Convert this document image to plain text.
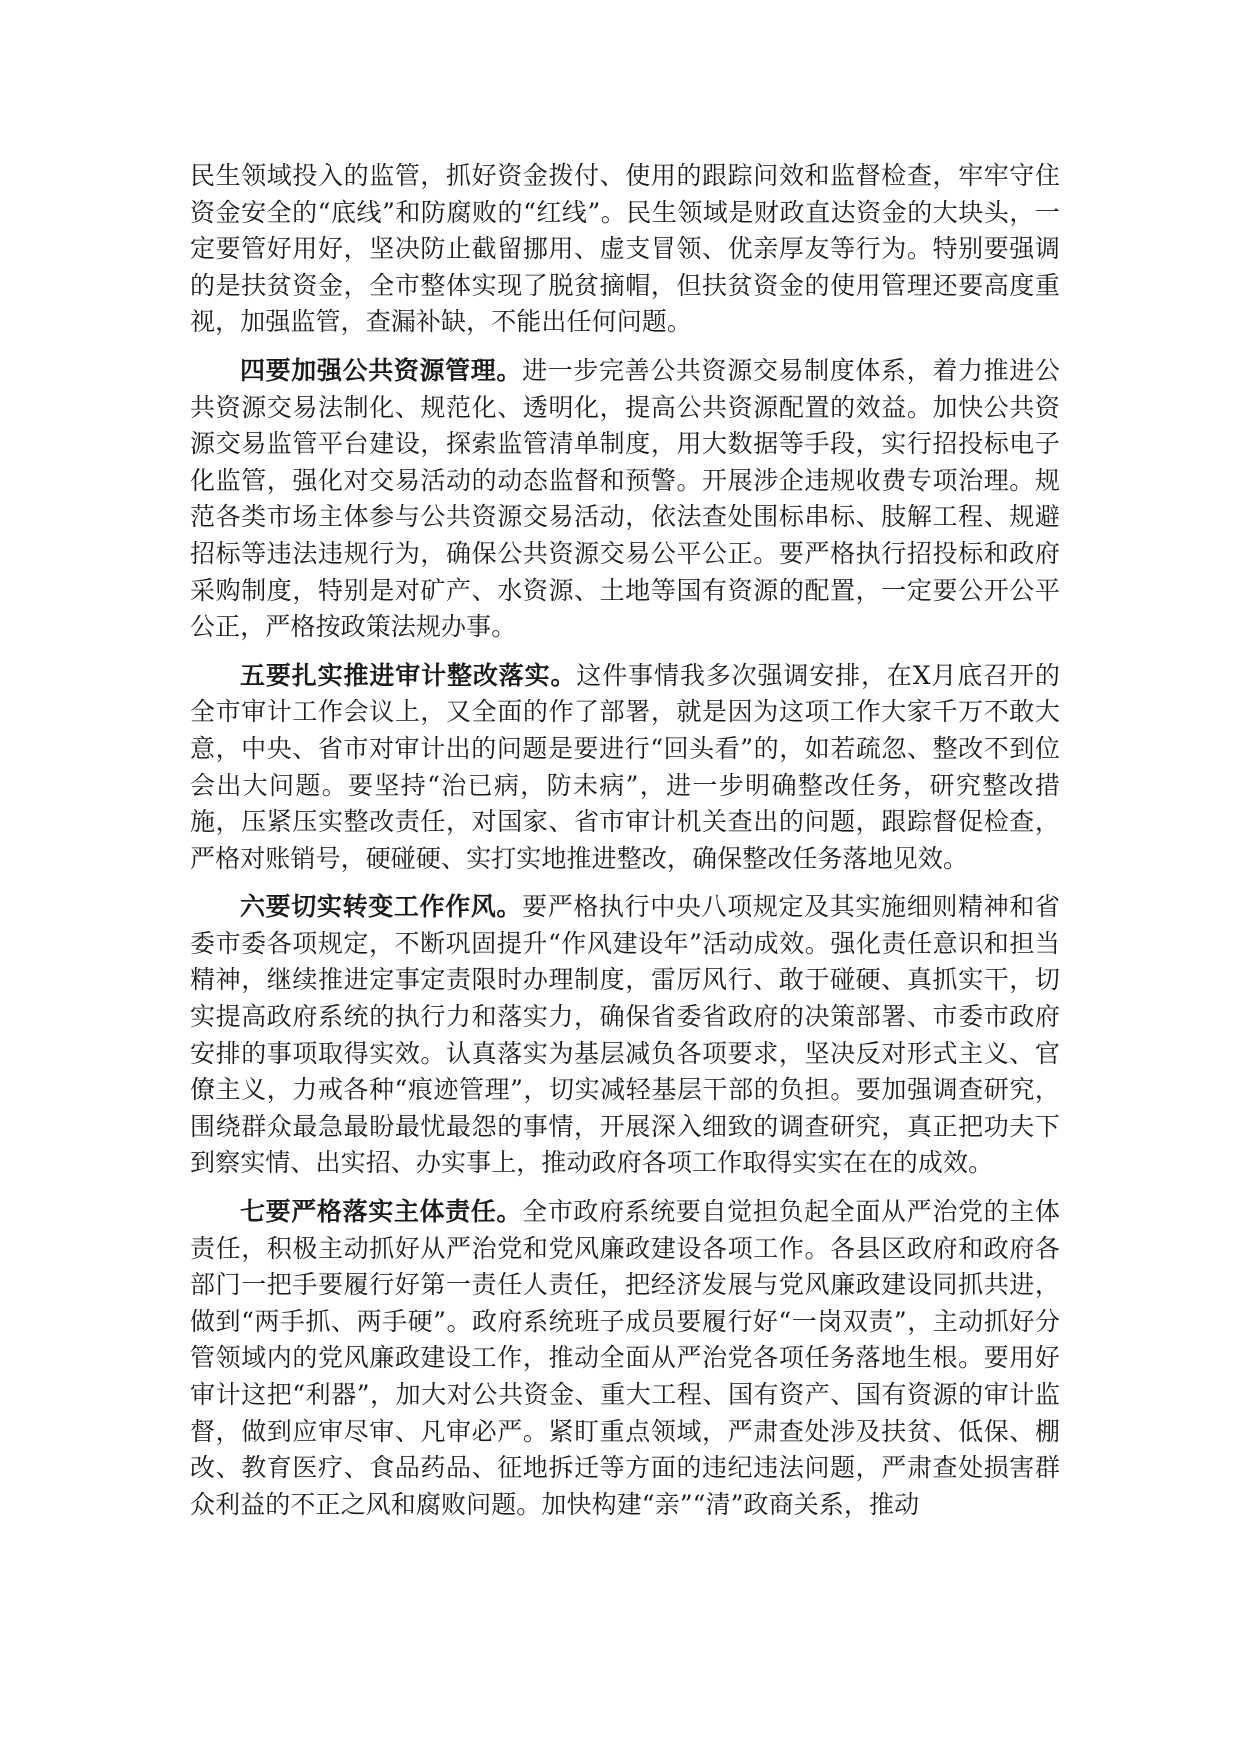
民生领域投入的监管，抓好资金拨付、使用的跟踪问效和监督检查，牢牢守住资金安全的“底线”和防腐败的“红线”。民生领域是财政直达资金的大块头，一定要管好用好，坚决防止截留挪用、虚支冒领、优亲厚友等行为。特别要强调的是扶贫资金，全市整体实现了脱贫摘帽，但扶贫资金的使用管理还要高度重视，加强监管，查漏补缺，不能出任何问题。

四要加强公共资源管理。进一步完善公共资源交易制度体系，着力推进公共资源交易法制化、规范化、透明化，提高公共资源配置的效益。加快公共资源交易监管平台建设，探索监管清单制度，用大数据等手段，实行招投标电子化监管，强化对交易活动的动态监督和预警。开展涉企违规收费专项治理。规范各类市场主体参与公共资源交易活动，依法查处围标串标、肢解工程、规避招标等违法违规行为，确保公共资源交易公平公正。要严格执行招投标和政府采购制度，特别是对矿产、水资源、土地等国有资源的配置，一定要公开公平公正，严格按政策法规办事。

五要扎实推进审计整改落实。这件事情我多次强调安排，在X月底召开的全市审计工作会议上，又全面的作了部署，就是因为这项工作大家千万不敢大意，中央、省市对审计出的问题是要进行“回头看”的，如若疏忽、整改不到位会出大问题。要坚持“治已病，防未病”，进一步明确整改任务，研究整改措施，压紧压实整改责任，对国家、省市审计机关查出的问题，跟踪督促检查，严格对账销号，硬碰硬、实打实地推进整改，确保整改任务落地见效。

六要切实转变工作作风。要严格执行中央八项规定及其实施细则精神和省委市委各项规定，不断巩固提升“作风建设年”活动成效。强化责任意识和担当精神，继续推进定事定责限时办理制度，雷厉风行、敢于碰硬、真抓实干，切实提高政府系统的执行力和落实力，确保省委省政府的决策部署、市委市政府安排的事项取得实效。认真落实为基层减负各项要求，坚决反对形式主义、官僚主义，力戒各种“痕迹管理”，切实减轻基层干部的负担。要加强调查研究，围绕群众最急最盼最忧最怨的事情，开展深入细致的调查研究，真正把功夫下到察实情、出实招、办实事上，推动政府各项工作取得实实在在的成效。

七要严格落实主体责任。全市政府系统要自觉担负起全面从严治党的主体责任，积极主动抓好从严治党和党风廉政建设各项工作。各县区政府和政府各部门一把手要履行好第一责任人责任，把经济发展与党风廉政建设同抓共进，做到“两手抓、两手硬”。政府系统班子成员要履行好“一岗双责”，主动抓好分管领域内的党风廉政建设工作，推动全面从严治党各项任务落地生根。要用好审计这把“利器”，加大对公共资金、重大工程、国有资产、国有资源的审计监督，做到应审尽审、凡审必严。紧盯重点领域，严肃查处涉及扶贫、低保、棚改、教育医疗、食品药品、征地拆迁等方面的违纪违法问题，严肃查处损害群众利益的不正之风和腐败问题。加快构建“亲”“清”政商关系，推动
